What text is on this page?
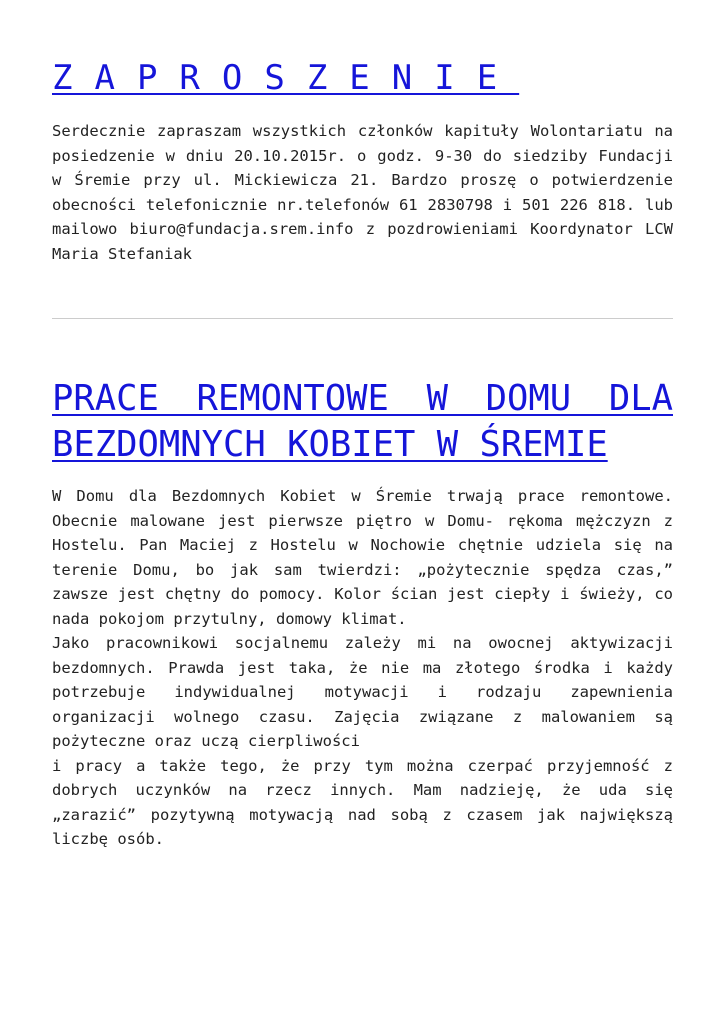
ZAPROSZENIE

Serdecznie zapraszam wszystkich członków kapituły Wolontariatu na posiedzenie w dniu 20.10.2015r. o godz. 9-30 do siedziby Fundacji w Śremie przy ul. Mickiewicza 21. Bardzo proszę o potwierdzenie obecności telefonicznie nr.telefonów 61 2830798 i 501 226 818. lub mailowo biuro@fundacja.srem.info z pozdrowieniami Koordynator LCW Maria Stefaniak

PRACE REMONTOWE W DOMU DLA BEZDOMNYCH KOBIET W ŚREMIE

W Domu dla Bezdomnych Kobiet w Śremie trwają prace remontowe. Obecnie malowane jest pierwsze piętro w Domu- rękoma mężczyzn z Hostelu. Pan Maciej z Hostelu w Nochowie chętnie udziela się na terenie Domu, bo jak sam twierdzi: „pożytecznie spędza czas,” zawsze jest chętny do pomocy. Kolor ścian jest ciepły i świeży, co nada pokojom przytulny, domowy klimat.

Jako pracownikowi socjalnemu zależy mi na owocnej aktywizacji bezdomnych. Prawda jest taka, że nie ma złotego środka i każdy potrzebuje indywidualnej motywacji i rodzaju zapewnienia organizacji wolnego czasu. Zajęcia związane z malowaniem są pożyteczne oraz uczą cierpliwości

i pracy a także tego, że przy tym można czerpać przyjemność z dobrych uczynków na rzecz innych. Mam nadzieję, że uda się „zarazić” pozytywną motywacją nad sobą z czasem jak największą liczbę osób.
